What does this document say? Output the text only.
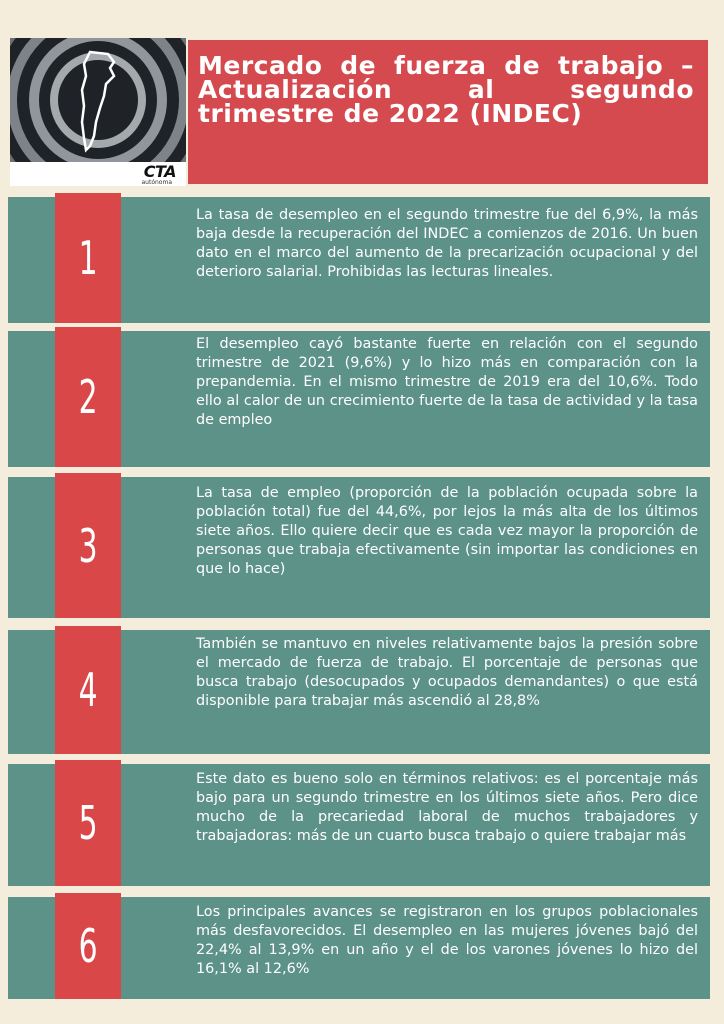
CTA
autónoma
Mercado de fuerza de trabajo – Actualización al segundo trimestre de 2022 (INDEC)
1

La tasa de desempleo en el segundo trimestre fue del 6,9%, la más baja desde la recuperación del INDEC a comienzos de 2016. Un buen dato en el marco del aumento de la precarización ocupacional y del deterioro salarial. Prohibidas las lecturas lineales.

2

El desempleo cayó bastante fuerte en relación con el segundo trimestre de 2021 (9,6%) y lo hizo más en comparación con la prepandemia. En el mismo trimestre de 2019 era del 10,6%. Todo ello al calor de un crecimiento fuerte de la tasa de actividad y la tasa de empleo

3

La tasa de empleo (proporción de la población ocupada sobre la población total) fue del 44,6%, por lejos la más alta de los últimos siete años. Ello quiere decir que es cada vez mayor la proporción de personas que trabaja efectivamente (sin importar las condiciones en que lo hace)

4

También se mantuvo en niveles relativamente bajos la presión sobre el mercado de fuerza de trabajo. El porcentaje de personas que busca trabajo (desocupados y ocupados demandantes) o que está disponible para trabajar más ascendió al 28,8%

5

Este dato es bueno solo en términos relativos: es el porcentaje más bajo para un segundo trimestre en los últimos siete años. Pero dice mucho de la precariedad laboral de muchos trabajadores y trabajadoras: más de un cuarto busca trabajo o quiere trabajar más

6

Los principales avances se registraron en los grupos poblacionales más desfavorecidos. El desempleo en las mujeres jóvenes bajó del 22,4% al 13,9% en un año y el de los varones jóvenes lo hizo del 16,1% al 12,6%
